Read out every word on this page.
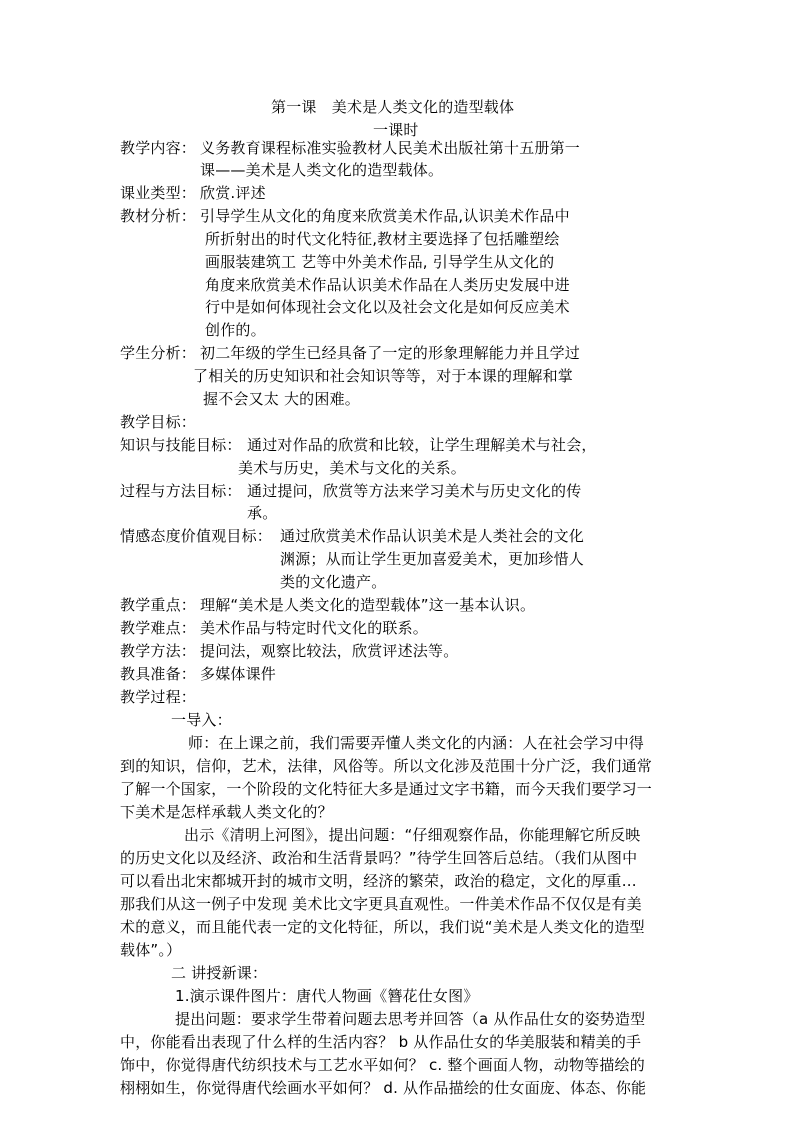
第一课　美术是人类文化的造型载体
一课时
教学内容： 义务教育课程标准实验教材人民美术出版社第十五册第一
课——美术是人类文化的造型载体。
课业类型： 欣赏.评述
教材分析： 引导学生从文化的角度来欣赏美术作品,认识美术作品中
所折射出的时代文化特征,教材主要选择了包括雕塑绘
画服装建筑工 艺等中外美术作品, 引导学生从文化的
角度来欣赏美术作品认识美术作品在人类历史发展中进
行中是如何体现社会文化以及社会文化是如何反应美术
创作的。
学生分析： 初二年级的学生已经具备了一定的形象理解能力并且学过
了相关的历史知识和社会知识等等，对于本课的理解和掌
握不会又太 大的困难。
教学目标：
知识与技能目标： 通过对作品的欣赏和比较，让学生理解美术与社会，
美术与历史，美术与文化的关系。
过程与方法目标： 通过提问，欣赏等方法来学习美术与历史文化的传
承。
情感态度价值观目标： 通过欣赏美术作品认识美术是人类社会的文化
渊源；从而让学生更加喜爱美术，更加珍惜人
类的文化遗产。
教学重点： 理解“美术是人类文化的造型载体”这一基本认识。
教学难点： 美术作品与特定时代文化的联系。
教学方法： 提问法，观察比较法，欣赏评述法等。
教具准备： 多媒体课件
教学过程：
一导入：
师：在上课之前，我们需要弄懂人类文化的内涵：人在社会学习中得
到的知识，信仰，艺术，法律，风俗等。所以文化涉及范围十分广泛，我们通常
了解一个国家，一个阶段的文化特征大多是通过文字书籍，而今天我们要学习一
下美术是怎样承载人类文化的？
出示《清明上河图》，提出问题：“仔细观察作品，你能理解它所反映
的历史文化以及经济、政治和生活背景吗？”待学生回答后总结。（我们从图中
可以看出北宋都城开封的城市文明，经济的繁荣，政治的稳定，文化的厚重…
那我们从这一例子中发现 美术比文字更具直观性。一件美术作品不仅仅是有美
术的意义，而且能代表一定的文化特征，所以，我们说“美术是人类文化的造型
载体”。）
二 讲授新课：
1.演示课件图片：唐代人物画《簪花仕女图》
提出问题：要求学生带着问题去思考并回答（a 从作品仕女的姿势造型
中，你能看出表现了什么样的生活内容？ b 从作品仕女的华美服装和精美的手
饰中，你觉得唐代纺织技术与工艺水平如何？ c. 整个画面人物，动物等描绘的
栩栩如生，你觉得唐代绘画水平如何？ d. 从作品描绘的仕女面庞、体态、你能
